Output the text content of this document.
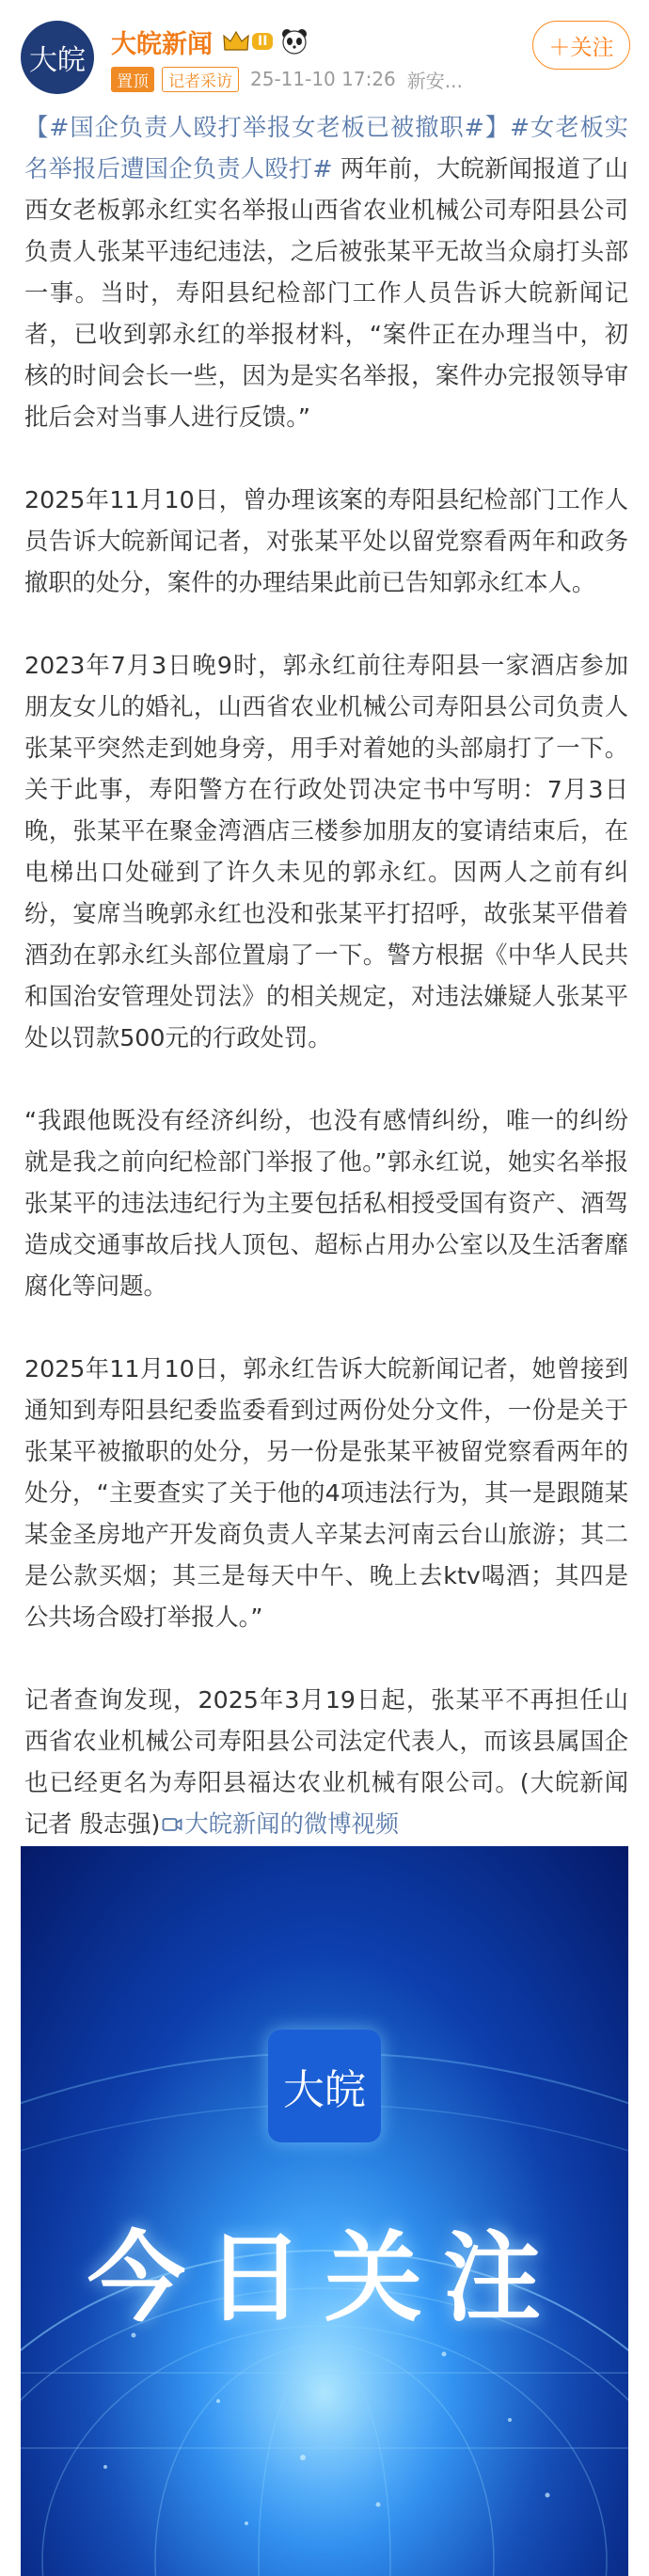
大皖 大皖新闻	II
置顶	记者采访 25-11-10 17:26 新安...
＋关注

【#国企负责人殴打举报女老板已被撤职#】#女老板实名举报后遭国企负责人殴打# 两年前，大皖新闻报道了山西女老板郭永红实名举报山西省农业机械公司寿阳县公司负责人张某平违纪违法，之后被张某平无故当众扇打头部一事。当时，寿阳县纪检部门工作人员告诉大皖新闻记者，已收到郭永红的举报材料，“案件正在办理当中，初核的时间会长一些，因为是实名举报，案件办完报领导审批后会对当事人进行反馈。”

2025年11月10日，曾办理该案的寿阳县纪检部门工作人员告诉大皖新闻记者，对张某平处以留党察看两年和政务撤职的处分，案件的办理结果此前已告知郭永红本人。

2023年7月3日晚9时，郭永红前往寿阳县一家酒店参加朋友女儿的婚礼，山西省农业机械公司寿阳县公司负责人张某平突然走到她身旁，用手对着她的头部扇打了一下。关于此事，寿阳警方在行政处罚决定书中写明：7月3日晚，张某平在聚金湾酒店三楼参加朋友的宴请结束后，在电梯出口处碰到了许久未见的郭永红。因两人之前有纠纷，宴席当晚郭永红也没和张某平打招呼，故张某平借着酒劲在郭永红头部位置扇了一下。警方根据《中华人民共和国治安管理处罚法》的相关规定，对违法嫌疑人张某平处以罚款500元的行政处罚。

“我跟他既没有经济纠纷，也没有感情纠纷，唯一的纠纷就是我之前向纪检部门举报了他。”郭永红说，她实名举报张某平的违法违纪行为主要包括私相授受国有资产、酒驾造成交通事故后找人顶包、超标占用办公室以及生活奢靡腐化等问题。

2025年11月10日，郭永红告诉大皖新闻记者，她曾接到通知到寿阳县纪委监委看到过两份处分文件，一份是关于张某平被撤职的处分，另一份是张某平被留党察看两年的处分，“主要查实了关于他的4项违法行为，其一是跟随某某金圣房地产开发商负责人辛某去河南云台山旅游；其二是公款买烟；其三是每天中午、晚上去ktv喝酒；其四是公共场合殴打举报人。”

记者查询发现，2025年3月19日起，张某平不再担任山西省农业机械公司寿阳县公司法定代表人，而该县属国企也已经更名为寿阳县福达农业机械有限公司。(大皖新闻记者 殷志强) 大皖新闻的微博视频

大皖
今日关注
